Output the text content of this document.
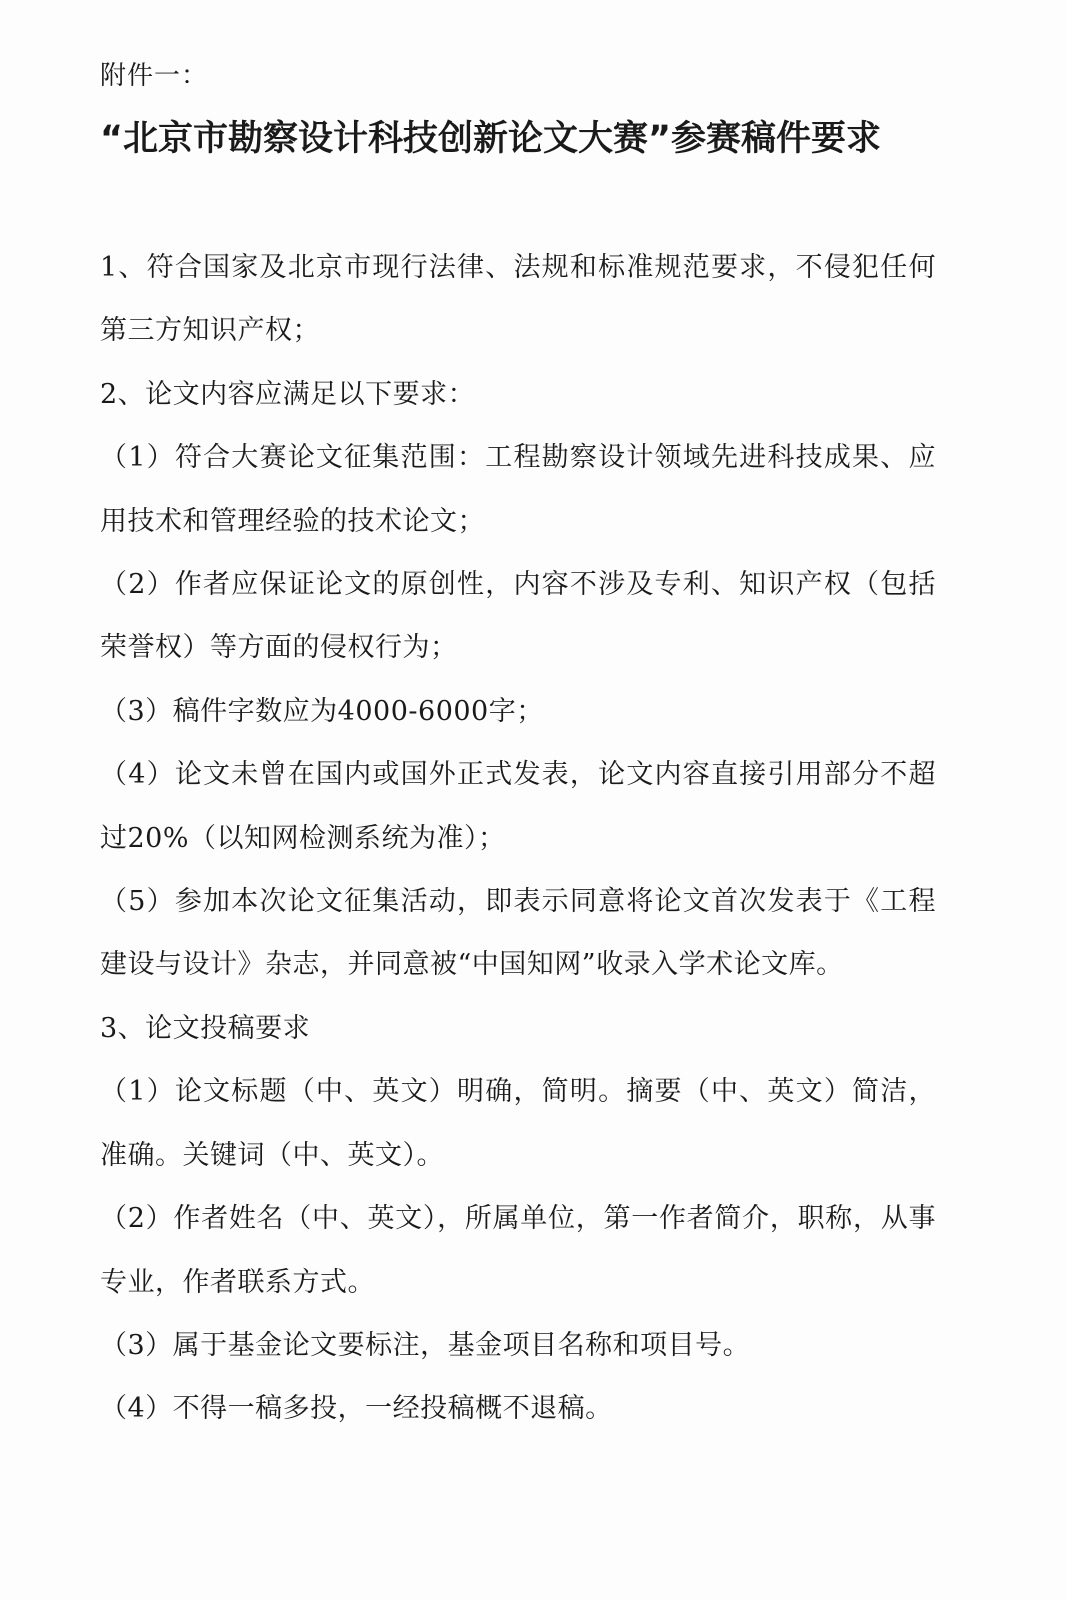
附件一：
“北京市勘察设计科技创新论文大赛”参赛稿件要求

1、符合国家及北京市现行法律、法规和标准规范要求，不侵犯任何第三方知识产权；

2、论文内容应满足以下要求：

（1）符合大赛论文征集范围：工程勘察设计领域先进科技成果、应用技术和管理经验的技术论文；

（2）作者应保证论文的原创性，内容不涉及专利、知识产权（包括荣誉权）等方面的侵权行为；

（3）稿件字数应为4000-6000字；

（4）论文未曾在国内或国外正式发表，论文内容直接引用部分不超过20%（以知网检测系统为准）；

（5）参加本次论文征集活动，即表示同意将论文首次发表于《工程建设与设计》杂志，并同意被“中国知网”收录入学术论文库。

3、论文投稿要求

（1）论文标题（中、英文）明确，简明。摘要（中、英文）简洁，准确。关键词（中、英文）。

（2）作者姓名（中、英文），所属单位，第一作者简介，职称，从事专业，作者联系方式。

（3）属于基金论文要标注，基金项目名称和项目号。

（4）不得一稿多投，一经投稿概不退稿。
